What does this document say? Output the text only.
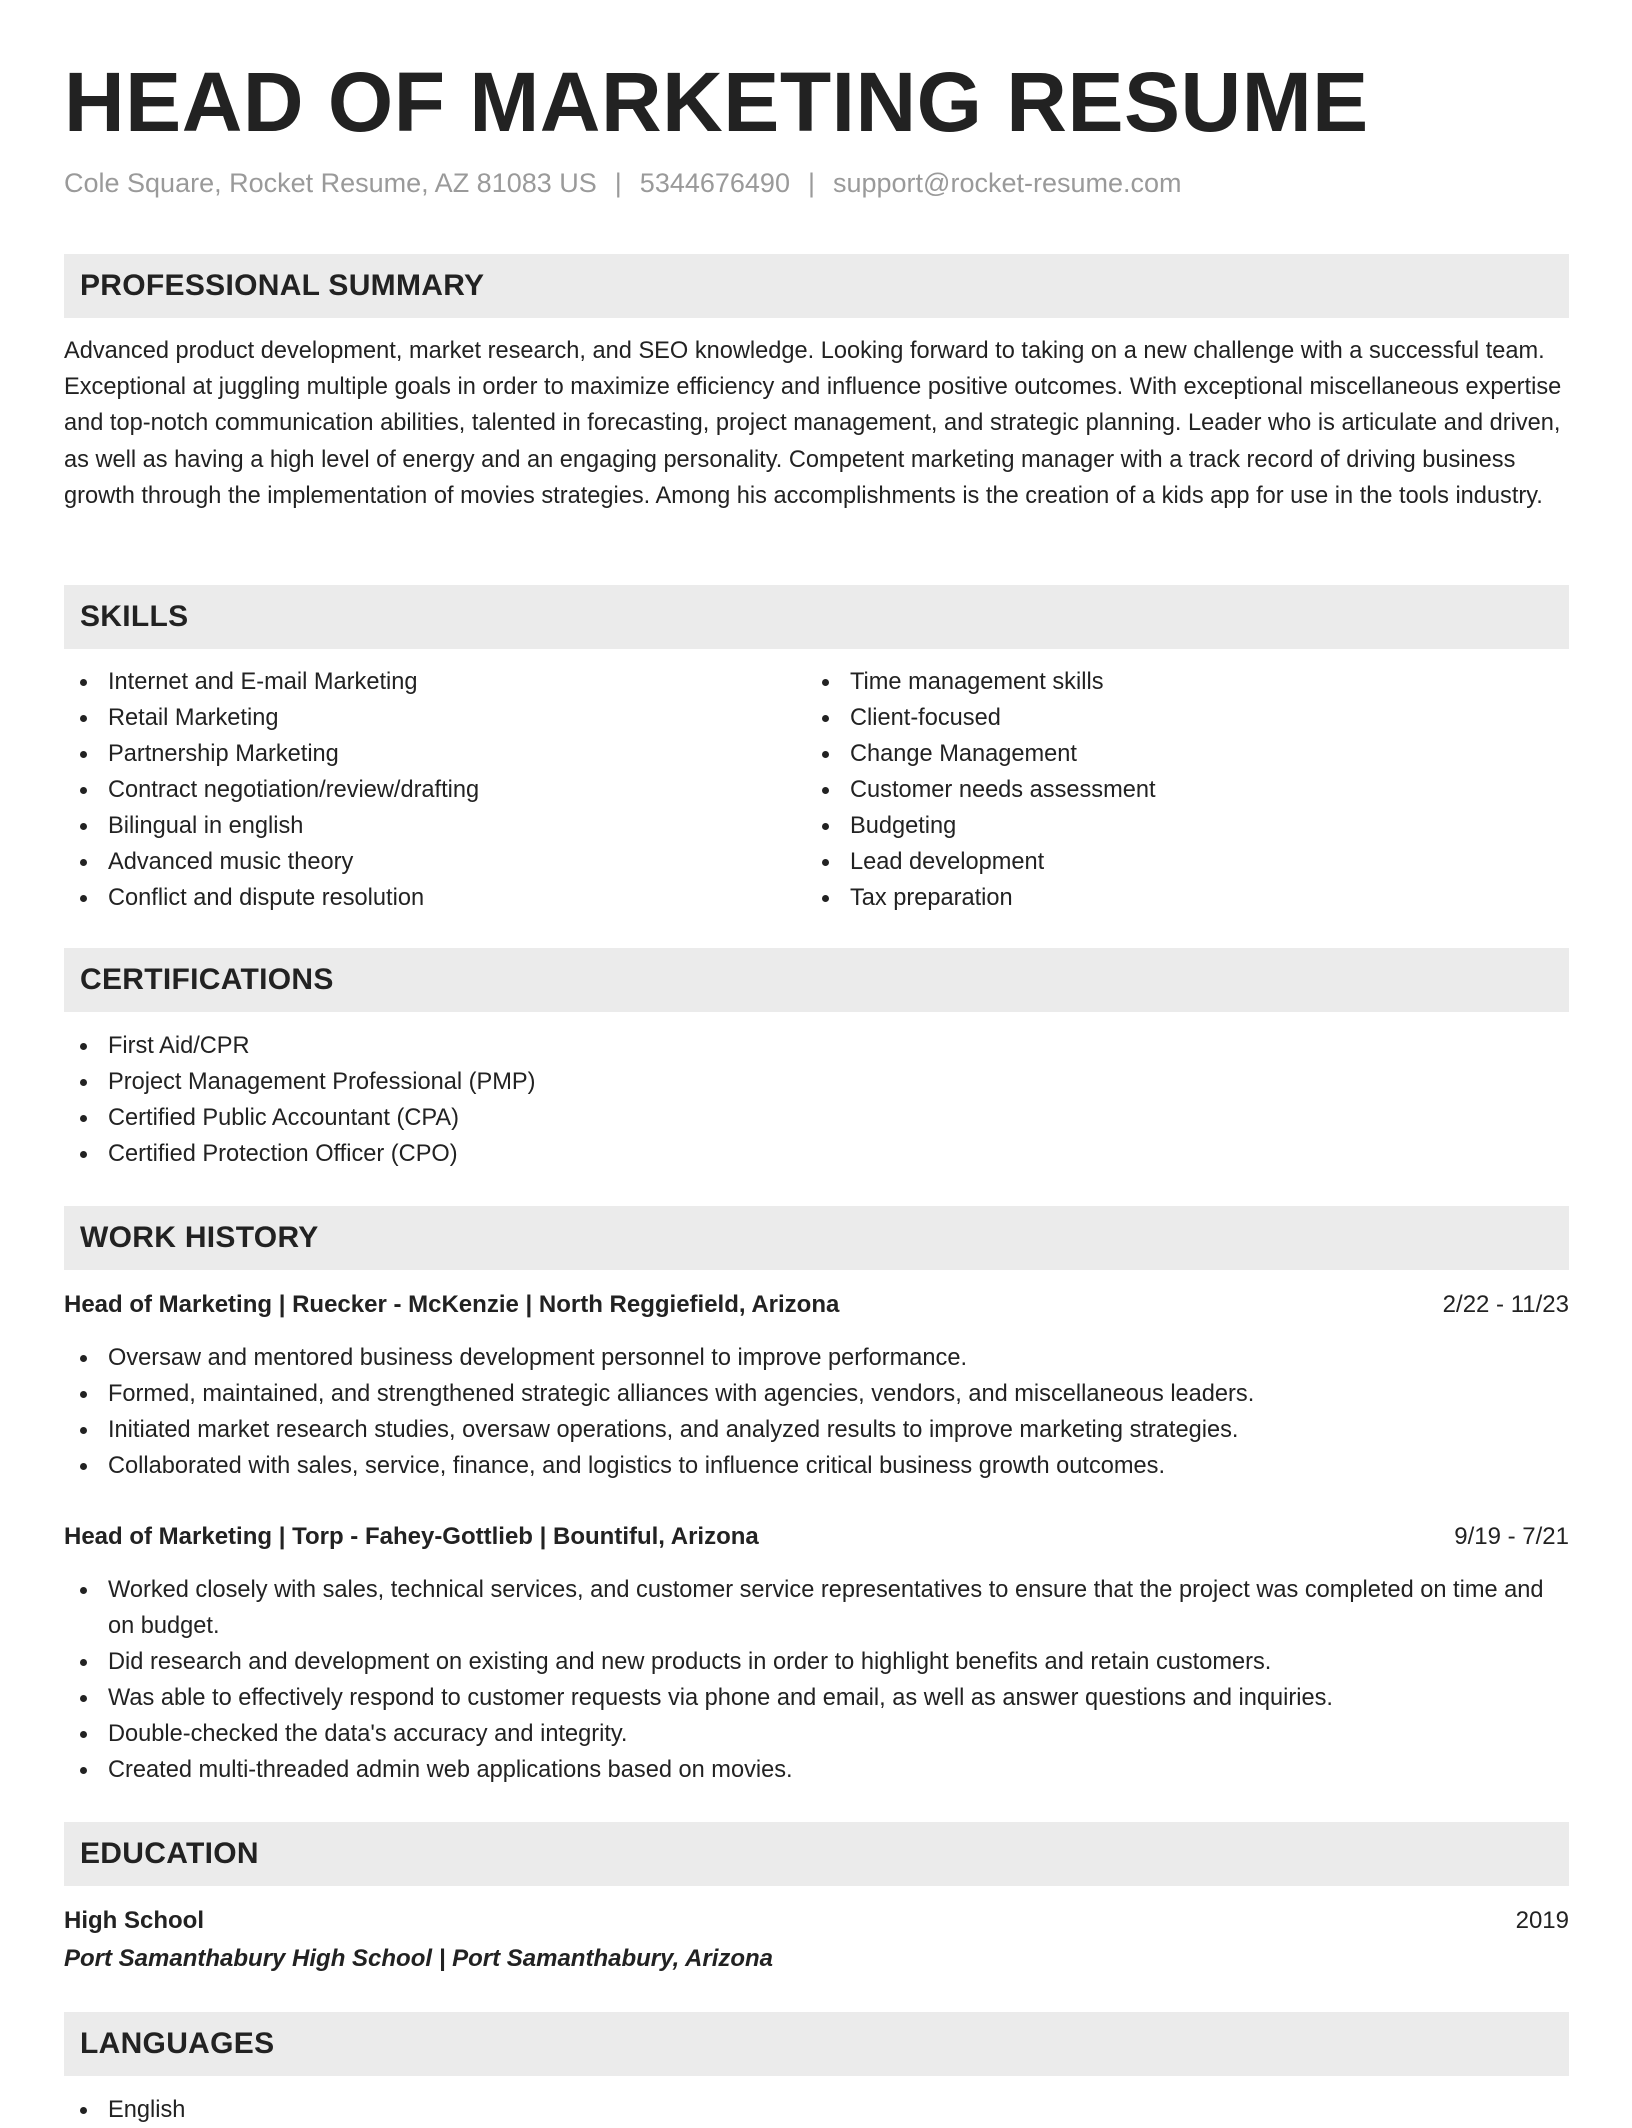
HEAD OF MARKETING RESUME
Cole Square, Rocket Resume, AZ 81083 US | 5344676490 | support@rocket-resume.com
PROFESSIONAL SUMMARY

Advanced product development, market research, and SEO knowledge. Looking forward to taking on a new challenge with a successful team. Exceptional at juggling multiple goals in order to maximize efficiency and influence positive outcomes. With exceptional miscellaneous expertise and top-notch communication abilities, talented in forecasting, project management, and strategic planning. Leader who is articulate and driven, as well as having a high level of energy and an engaging personality. Competent marketing manager with a track record of driving business growth through the implementation of movies strategies. Among his accomplishments is the creation of a kids app for use in the tools industry.

SKILLS
Internet and E-mail Marketing
Retail Marketing
Partnership Marketing
Contract negotiation/review/drafting
Bilingual in english
Advanced music theory
Conflict and dispute resolution
Time management skills
Client-focused
Change Management
Customer needs assessment
Budgeting
Lead development
Tax preparation
CERTIFICATIONS
First Aid/CPR
Project Management Professional (PMP)
Certified Public Accountant (CPA)
Certified Protection Officer (CPO)
WORK HISTORY
Head of Marketing | Ruecker - McKenzie | North Reggiefield, Arizona	2/22 - 11/23
Oversaw and mentored business development personnel to improve performance.
Formed, maintained, and strengthened strategic alliances with agencies, vendors, and miscellaneous leaders.
Initiated market research studies, oversaw operations, and analyzed results to improve marketing strategies.
Collaborated with sales, service, finance, and logistics to influence critical business growth outcomes.
Head of Marketing | Torp - Fahey-Gottlieb | Bountiful, Arizona	9/19 - 7/21
Worked closely with sales, technical services, and customer service representatives to ensure that the project was completed on time and on budget.
Did research and development on existing and new products in order to highlight benefits and retain customers.
Was able to effectively respond to customer requests via phone and email, as well as answer questions and inquiries.
Double-checked the data's accuracy and integrity.
Created multi-threaded admin web applications based on movies.
EDUCATION
High School	2019
Port Samanthabury High School | Port Samanthabury, Arizona
LANGUAGES
English
